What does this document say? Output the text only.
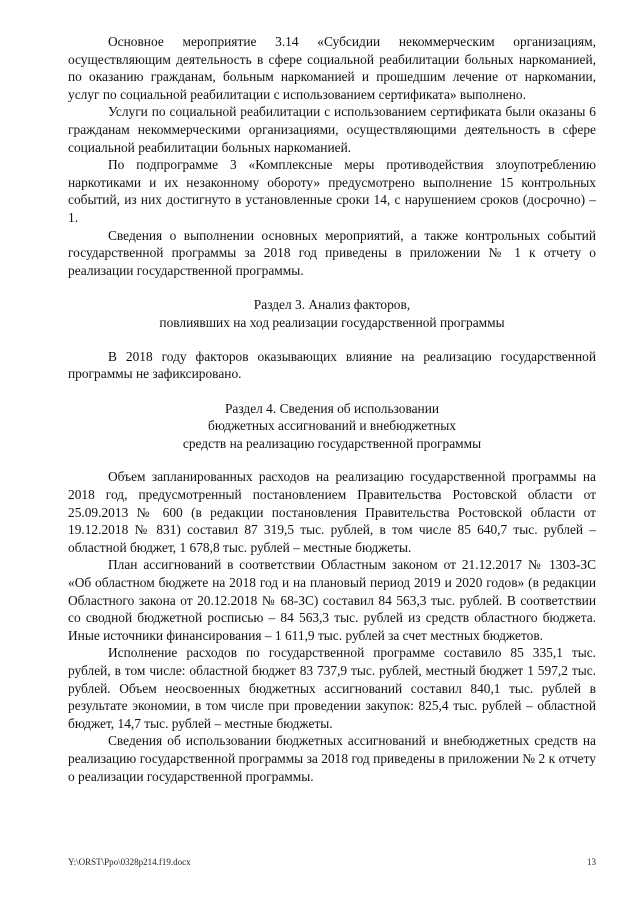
Основное мероприятие 3.14 «Субсидии некоммерческим организациям, осуществляющим деятельность в сфере социальной реабилитации больных наркоманией, по оказанию гражданам, больным наркоманией и прошедшим лечение от наркомании, услуг по социальной реабилитации с использованием сертификата» выполнено.

Услуги по социальной реабилитации с использованием сертификата были оказаны 6 гражданам некоммерческими организациями, осуществляющими деятельность в сфере социальной реабилитации больных наркоманией.

По подпрограмме 3 «Комплексные меры противодействия злоупотреблению наркотиками и их незаконному обороту» предусмотрено выполнение 15 контрольных событий, из них достигнуто в установленные сроки 14, с нарушением сроков (досрочно) – 1.

Сведения о выполнении основных мероприятий, а также контрольных событий государственной программы за 2018 год приведены в приложении № 1 к отчету о реализации государственной программы.

Раздел 3. Анализ факторов,
повлиявших на ход реализации государственной программы

В 2018 году факторов оказывающих влияние на реализацию государственной программы не зафиксировано.

Раздел 4. Сведения об использовании
бюджетных ассигнований и внебюджетных
средств на реализацию государственной программы

Объем запланированных расходов на реализацию государственной программы на 2018 год, предусмотренный постановлением Правительства Ростовской области от 25.09.2013 № 600 (в редакции постановления Правительства Ростовской области от 19.12.2018 № 831) составил 87 319,5 тыс. рублей, в том числе 85 640,7 тыс. рублей – областной бюджет, 1 678,8 тыс. рублей – местные бюджеты.

План ассигнований в соответствии Областным законом от 21.12.2017 № 1303-ЗС «Об областном бюджете на 2018 год и на плановый период 2019 и 2020 годов» (в редакции Областного закона от 20.12.2018 № 68-ЗС) составил 84 563,3 тыс. рублей. В соответствии со сводной бюджетной росписью – 84 563,3 тыс. рублей из средств областного бюджета. Иные источники финансирования – 1 611,9 тыс. рублей за счет местных бюджетов.

Исполнение расходов по государственной программе составило 85 335,1 тыс. рублей, в том числе: областной бюджет 83 737,9 тыс. рублей, местный бюджет 1 597,2 тыс. рублей. Объем неосвоенных бюджетных ассигнований составил 840,1 тыс. рублей в результате экономии, в том числе при проведении закупок: 825,4 тыс. рублей – областной бюджет, 14,7 тыс. рублей – местные бюджеты.

Сведения об использовании бюджетных ассигнований и внебюджетных средств на реализацию государственной программы за 2018 год приведены в приложении № 2 к отчету о реализации государственной программы.

Y:\ORST\Ppo\0328p214.f19.docx	13
